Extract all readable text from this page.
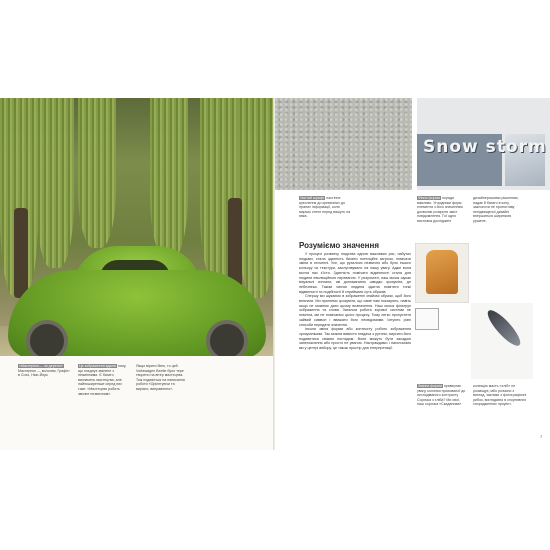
«Мастерпис— чи дерено» Мастерпис — вологим, Графіті в Сохо, Нью-Йорк
Це зображення вдала тому, що поєднує змінене з незмінними. Є багато визначень мистецтва, але найпоширеніше серед них таке: «Мистецтво робить звичне незвичним».
Якщо вірити біню, то цей Volkswagen Beetle було тере творено на вітер мистецтва. Тож подивіться на написання роботи «Орієнтуючи та вирізно, виправлено».
Snow storm
Чистий шрифт настінне креслення до кремезних до іграних інформації, коли марчик стене перед вашуть на явка.
Фінна форма поради вжиливо. Угорідники форм елемента з його значенням дозволяє розкрити зміст повідомлення. Ґої одно висновок досліджені
дизайнерськими рішенням, надає й багато в кону, заклопоти не протиставу непідвищеної дизайні впершиться ширинкою уршене.
Розуміємо значення

У процесі розвитку людства одною важливих рис, набутих людьми, стала здатність бачити потенційні загрози, помічати зміни в оточенні. Усе, що рухалося незвично або було іншого кольору чи текстури, заслуговувало на нашу увагу. Адже вона могла нас з'їсти. Здатність помічати відмінності стала для людини еволюційною перевагою. У результаті, наш мозок шукає візуальні сигнали, які допомагають швидко зрозуміти, де небезпека. Таким чином людина здатна помітити тонкі відмінності та подібності й сприймати суть образів.

Спершу ми шукаємо в зображенні знайомі образи, щоб його впізнати. Ми прагнемо зрозуміти, що саме нам показують, навіть якщо не можемо дати цьому визначення. Наш мозок фільтрує зображення та слова. Загалом робота зорової системи не помітна, ми не помічаємо цього процесу. Тому легко пропустити зайвий символ і вважати його несвідомими. Існують різні способи передати значення.

Інколи зміна форми або контексту робить зображення зрозумілішим. Так можна вивести глядача з рутини, змусити його подивитися свіжим поглядом. Вони можуть бути засадою занепокоєння або просто не увагою. Настраждамо і наголосимо ми у центрі вибору, це також простір для інтерпретації.

Змінна форма привертає увагу, колонки прихованої до несподіваного контрасту Сорочка з хліба? Ми свої, наш сорочка «Скаданова»
колекцію масть «хліб» не розміщує; мбо розчини з вигляд, заклики з фотографичні рибок, виглядаючі в спортивних спорядженнях проуюті.
7
